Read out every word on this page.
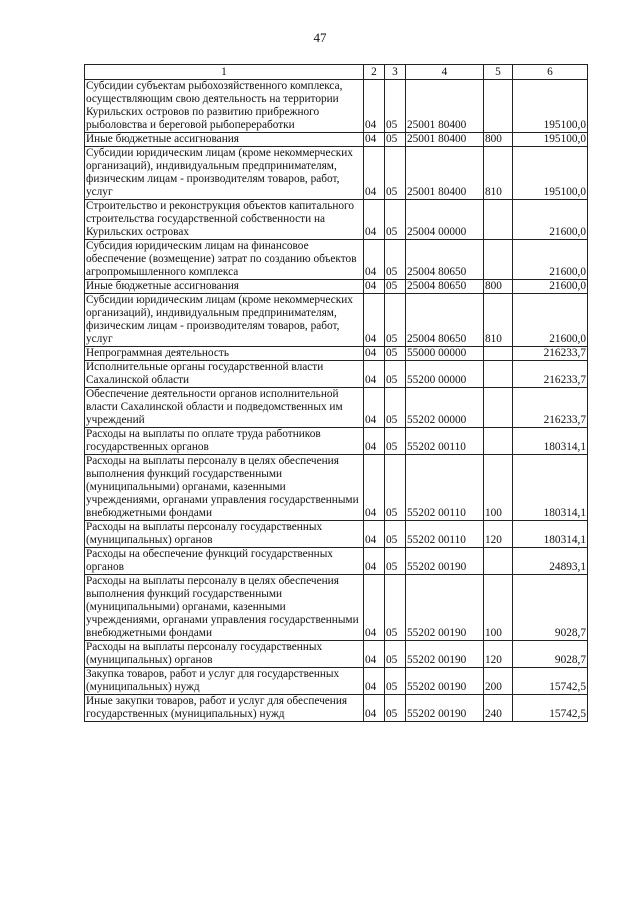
47
1	2	3	4	5	6
Субсидии субъектам рыбохозяйственного комплекса, осуществляющим свою деятельность на территории Курильских островов по развитию прибрежного рыболовства и береговой рыбопереработки	04	05	25001 80400		195100,0
Иные бюджетные ассигнования	04	05	25001 80400	800	195100,0
Субсидии юридическим лицам (кроме некоммерческих организаций), индивидуальным предпринимателям, физическим лицам - производителям товаров, работ, услуг	04	05	25001 80400	810	195100,0
Строительство и реконструкция объектов капитального строительства государственной собственности на Курильских островах	04	05	25004 00000		21600,0
Субсидия юридическим лицам на финансовое обеспечение (возмещение) затрат по созданию объектов агропромышленного комплекса	04	05	25004 80650		21600,0
Иные бюджетные ассигнования	04	05	25004 80650	800	21600,0
Субсидии юридическим лицам (кроме некоммерческих организаций), индивидуальным предпринимателям, физическим лицам - производителям товаров, работ, услуг	04	05	25004 80650	810	21600,0
Непрограммная деятельность	04	05	55000 00000		216233,7
Исполнительные органы государственной власти Сахалинской области	04	05	55200 00000		216233,7
Обеспечение деятельности органов исполнительной власти Сахалинской области и подведомственных им учреждений	04	05	55202 00000		216233,7
Расходы на выплаты по оплате труда работников государственных органов	04	05	55202 00110		180314,1
Расходы на выплаты персоналу в целях обеспечения выполнения функций государственными (муниципальными) органами, казенными учреждениями, органами управления государственными внебюджетными фондами	04	05	55202 00110	100	180314,1
Расходы на выплаты персоналу государственных (муниципальных) органов	04	05	55202 00110	120	180314,1
Расходы на обеспечение функций государственных органов	04	05	55202 00190		24893,1
Расходы на выплаты персоналу в целях обеспечения выполнения функций государственными (муниципальными) органами, казенными учреждениями, органами управления государственными внебюджетными фондами	04	05	55202 00190	100	9028,7
Расходы на выплаты персоналу государственных (муниципальных) органов	04	05	55202 00190	120	9028,7
Закупка товаров, работ и услуг для государственных (муниципальных) нужд	04	05	55202 00190	200	15742,5
Иные закупки товаров, работ и услуг для обеспечения государственных (муниципальных) нужд	04	05	55202 00190	240	15742,5
